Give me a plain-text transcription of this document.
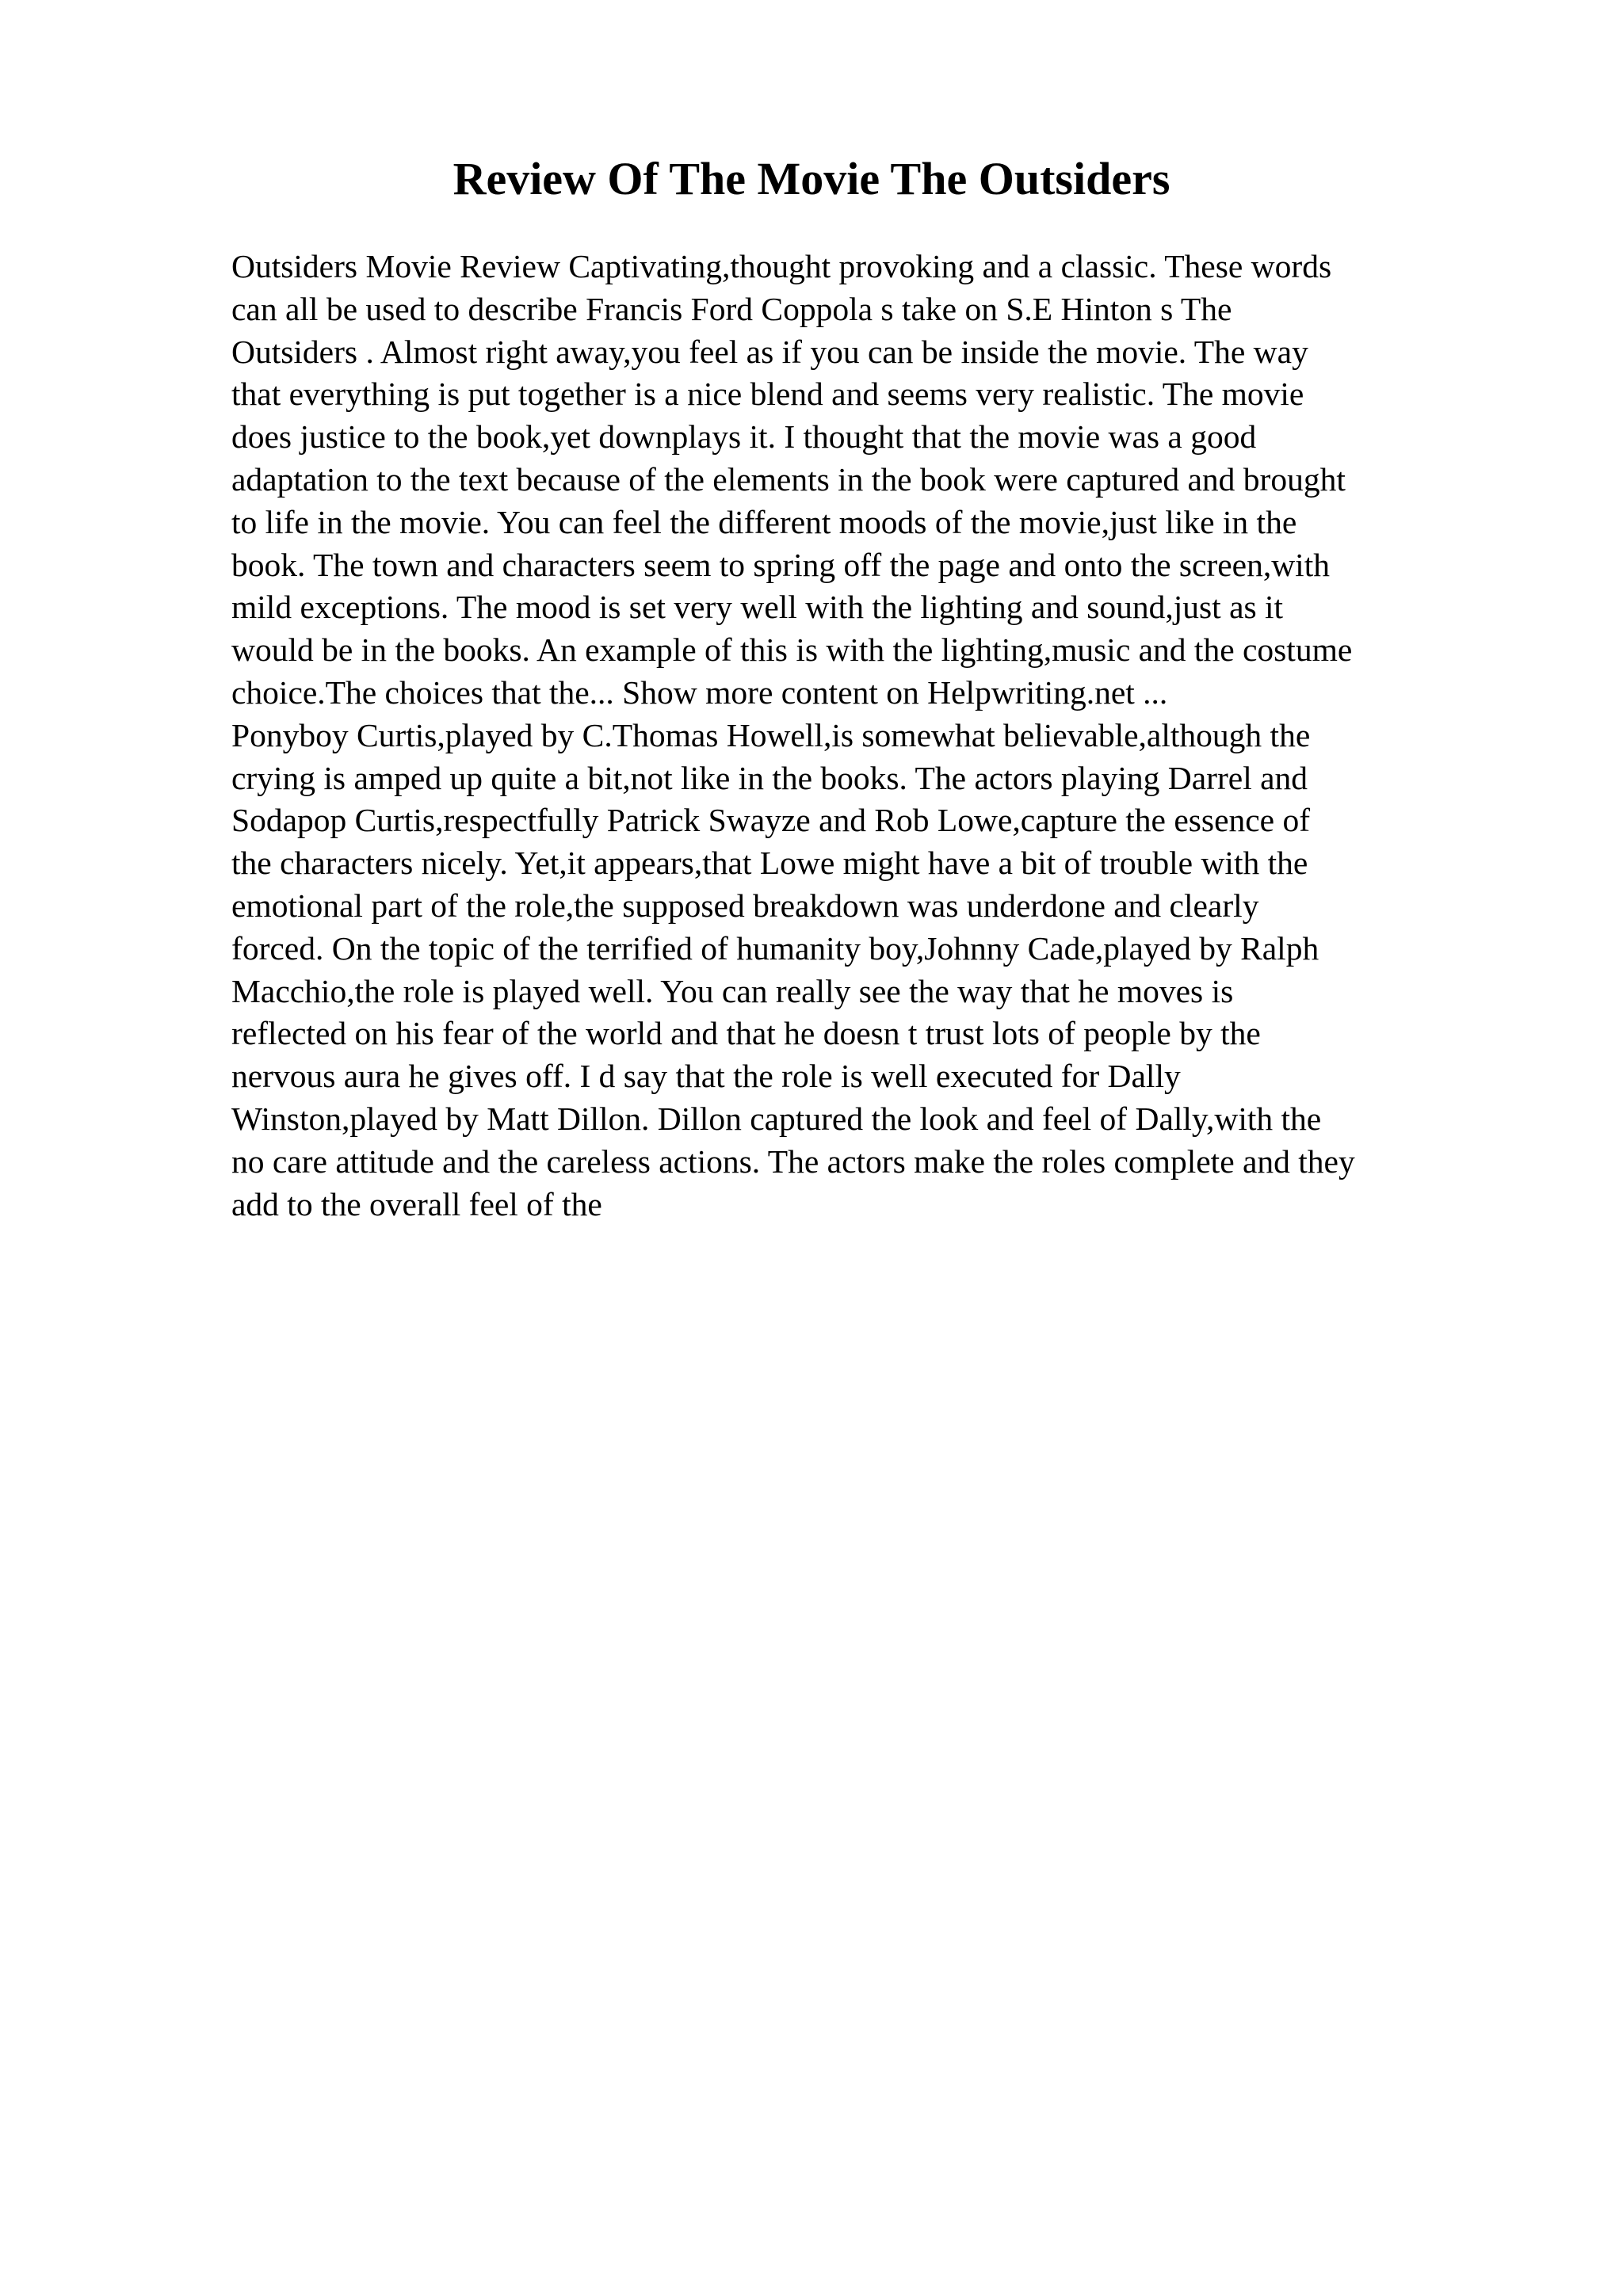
Review Of The Movie The Outsiders
Outsiders Movie Review Captivating,thought provoking and a classic. These words
can all be used to describe Francis Ford Coppola s take on S.E Hinton s The
Outsiders . Almost right away,you feel as if you can be inside the movie. The way
that everything is put together is a nice blend and seems very realistic. The movie
does justice to the book,yet downplays it. I thought that the movie was a good
adaptation to the text because of the elements in the book were captured and brought
to life in the movie. You can feel the different moods of the movie,just like in the
book. The town and characters seem to spring off the page and onto the screen,with
mild exceptions. The mood is set very well with the lighting and sound,just as it
would be in the books. An example of this is with the lighting,music and the costume
choice.The choices that the... Show more content on Helpwriting.net ...
Ponyboy Curtis,played by C.Thomas Howell,is somewhat believable,although the
crying is amped up quite a bit,not like in the books. The actors playing Darrel and
Sodapop Curtis,respectfully Patrick Swayze and Rob Lowe,capture the essence of
the characters nicely. Yet,it appears,that Lowe might have a bit of trouble with the
emotional part of the role,the supposed breakdown was underdone and clearly
forced. On the topic of the terrified of humanity boy,Johnny Cade,played by Ralph
Macchio,the role is played well. You can really see the way that he moves is
reflected on his fear of the world and that he doesn t trust lots of people by the
nervous aura he gives off. I d say that the role is well executed for Dally
Winston,played by Matt Dillon. Dillon captured the look and feel of Dally,with the
no care attitude and the careless actions. The actors make the roles complete and they
add to the overall feel of the
